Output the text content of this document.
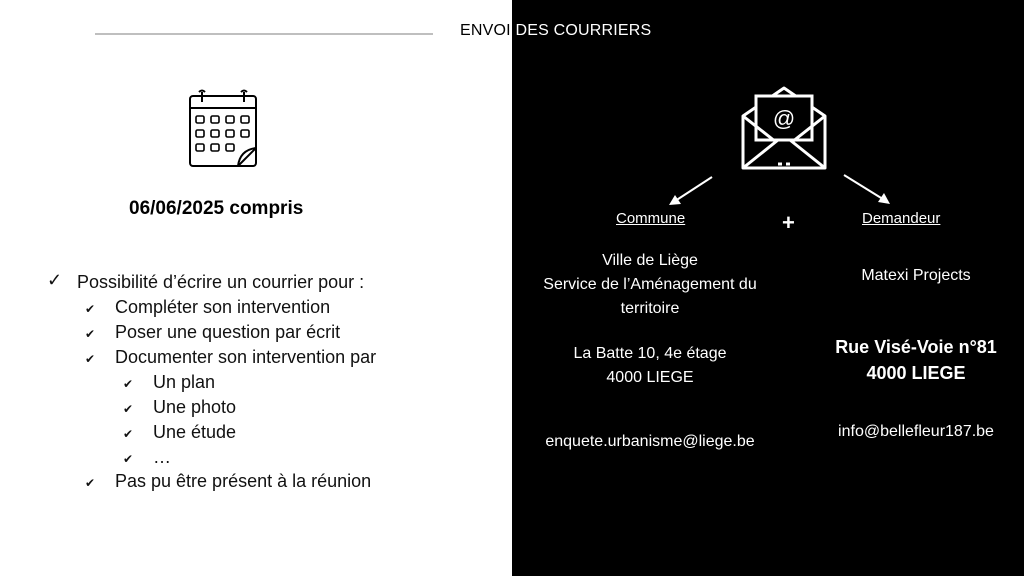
ENVOI DES COURRIERS
06/06/2025 compris
✓ Possibilité d’écrire un courrier pour :
✔ Compléter son intervention
✔ Poser une question par écrit
✔ Documenter son intervention par
✔ Un plan
✔ Une photo
✔ Une étude
✔ …
✔ Pas pu être présent à la réunion
@
Commune	+	Demandeur
Ville de Liège
Service de l’Aménagement du
territoire
La Batte 10, 4e étage
4000 LIEGE
enquete.urbanisme@liege.be
Matexi Projects
Rue Visé-Voie n°81
4000 LIEGE
info@bellefleur187.be
